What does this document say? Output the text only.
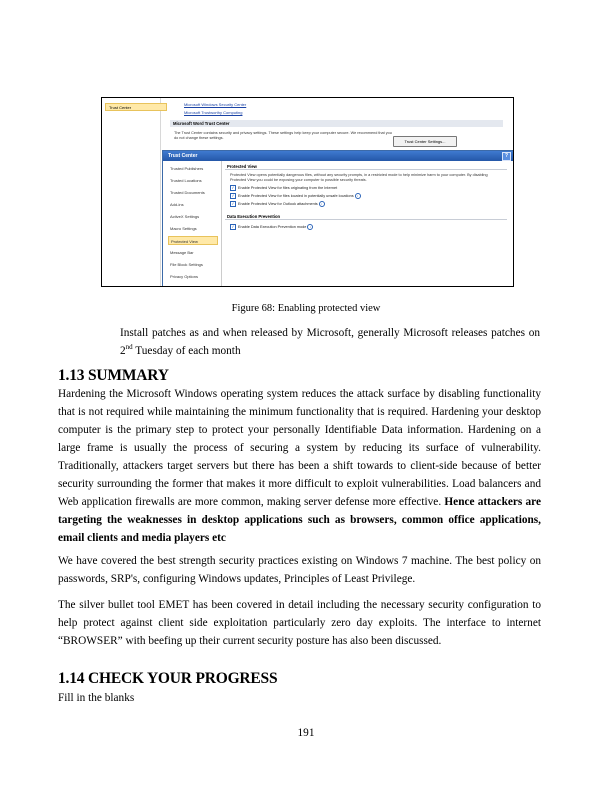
Trust Center
Microsoft Windows Security Center
Microsoft Trustworthy Computing
Microsoft Word Trust Center
The Trust Center contains security and privacy settings. These settings help keep your computer secure. We recommend that you do not change these settings.
Trust Center Settings...
Trust Center	?
Trusted Publishers
Trusted Locations
Trusted Documents
Add-ins
ActiveX Settings
Macro Settings
Protected View
Message Bar
File Block Settings
Privacy Options
Protected View
Protected View opens potentially dangerous files, without any security prompts, in a restricted mode to help minimize harm to your computer. By disabling Protected View you could be exposing your computer to possible security threats.
✓ Enable Protected View for files originating from the Internet
✓ Enable Protected View for files located in potentially unsafe locations i
✓ Enable Protected View for Outlook attachments i
Data Execution Prevention
✓ Enable Data Execution Prevention mode i
Figure 68: Enabling protected view

Install patches as and when released by Microsoft, generally Microsoft releases patches on 2nd Tuesday of each month

1.13 SUMMARY

Hardening the Microsoft Windows operating system reduces the attack surface by disabling functionality that is not required while maintaining the minimum functionality that is required. Hardening your desktop computer is the primary step to protect your personally Identifiable Data information. Hardening on a large frame is usually the process of securing a system by reducing its surface of vulnerability. Traditionally, attackers target servers but there has been a shift towards to client-side because of better security surrounding the former that makes it more difficult to exploit vulnerabilities. Load balancers and Web application firewalls are more common, making server defense more effective. Hence attackers are targeting the weaknesses in desktop applications such as browsers, common office applications, email clients and media players etc

We have covered the best strength security practices existing on Windows 7 machine. The best policy on passwords, SRP's, configuring Windows updates, Principles of Least Privilege.

The silver bullet tool EMET has been covered in detail including the necessary security configuration to help protect against client side exploitation particularly zero day exploits. The interface to internet “BROWSER” with beefing up their current security posture has also been discussed.

1.14 CHECK YOUR PROGRESS

Fill in the blanks

191
